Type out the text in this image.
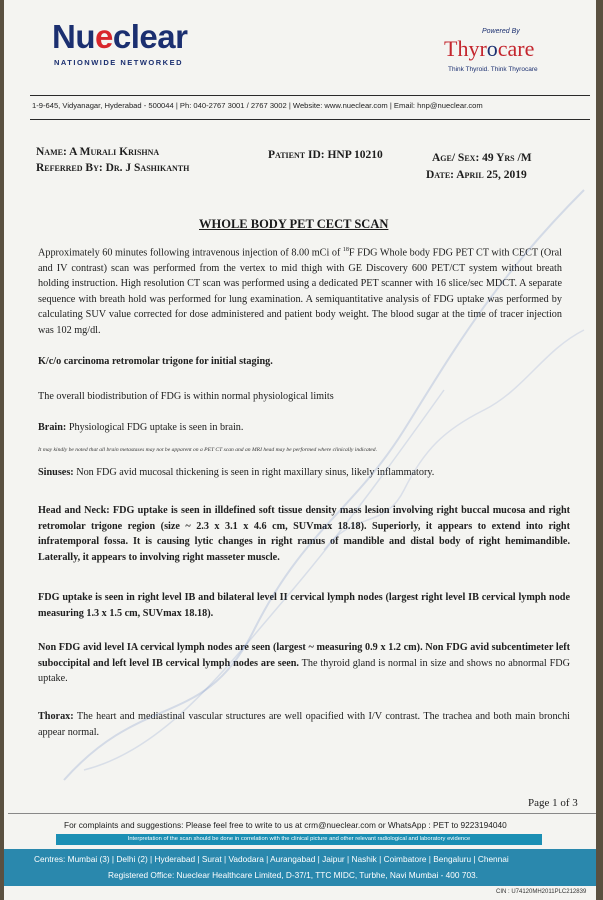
Nueclear
NATIONWIDE NETWORKED
Powered By
Thyrocare
Think Thyroid. Think Thyrocare
1-9-645, Vidyanagar, Hyderabad - 500044 | Ph: 040-2767 3001 / 2767 3002 | Website: www.nueclear.com | Email: hnp@nueclear.com
Name: A Murali Krishna
Referred By: Dr. J Sashikanth
Patient ID: HNP 10210	Age/ Sex: 49 Yrs /M
Date: April 25, 2019
WHOLE BODY PET CECT SCAN
Approximately 60 minutes following intravenous injection of 8.00 mCi of $^{18}$F FDG Whole body FDG PET CT with CECT (Oral and IV contrast) scan was performed from the vertex to mid thigh with GE Discovery 600 PET/CT system without breath holding instruction. High resolution CT scan was performed using a dedicated PET scanner with 16 slice/sec MDCT. A separate sequence with breath hold was performed for lung examination. A semiquantitative analysis of FDG uptake was performed by calculating SUV value corrected for dose administered and patient body weight. The blood sugar at the time of tracer injection was 102 mg/dl.
K/c/o carcinoma retromolar trigone for initial staging.
The overall biodistribution of FDG is within normal physiological limits
Brain: Physiological FDG uptake is seen in brain.
It may kindly be noted that all brain metastases may not be apparent on a PET CT scan and an MRI head may be performed where clinically indicated.
Sinuses: Non FDG avid mucosal thickening is seen in right maxillary sinus, likely inflammatory.
Head and Neck: FDG uptake is seen in illdefined soft tissue density mass lesion involving right buccal mucosa and right retromolar trigone region (size ~ 2.3 x 3.1 x 4.6 cm, SUVmax 18.18). Superiorly, it appears to extend into right infratemporal fossa. It is causing lytic changes in right ramus of mandible and distal body of right hemimandible. Laterally, it appears to involving right masseter muscle.
FDG uptake is seen in right level IB and bilateral level II cervical lymph nodes (largest right level IB cervical lymph node measuring 1.3 x 1.5 cm, SUVmax 18.18).
Non FDG avid level IA cervical lymph nodes are seen (largest ~ measuring 0.9 x 1.2 cm). Non FDG avid subcentimeter left suboccipital and left level IB cervical lymph nodes are seen. The thyroid gland is normal in size and shows no abnormal FDG uptake.
Thorax: The heart and mediastinal vascular structures are well opacified with I/V contrast. The trachea and both main bronchi appear normal.
Page 1 of 3
For complaints and suggestions: Please feel free to write to us at crm@nueclear.com or WhatsApp : PET to 9223194040
Interpretation of the scan should be done in correlation with the clinical picture and other relevant radiological and laboratory evidence
Centres: Mumbai (3) | Delhi (2) | Hyderabad | Surat | Vadodara | Aurangabad | Jaipur | Nashik | Coimbatore | Bengaluru | Chennai
Registered Office: Nueclear Healthcare Limited, D-37/1, TTC MIDC, Turbhe, Navi Mumbai - 400 703.
CIN : U74120MH2011PLC212839
